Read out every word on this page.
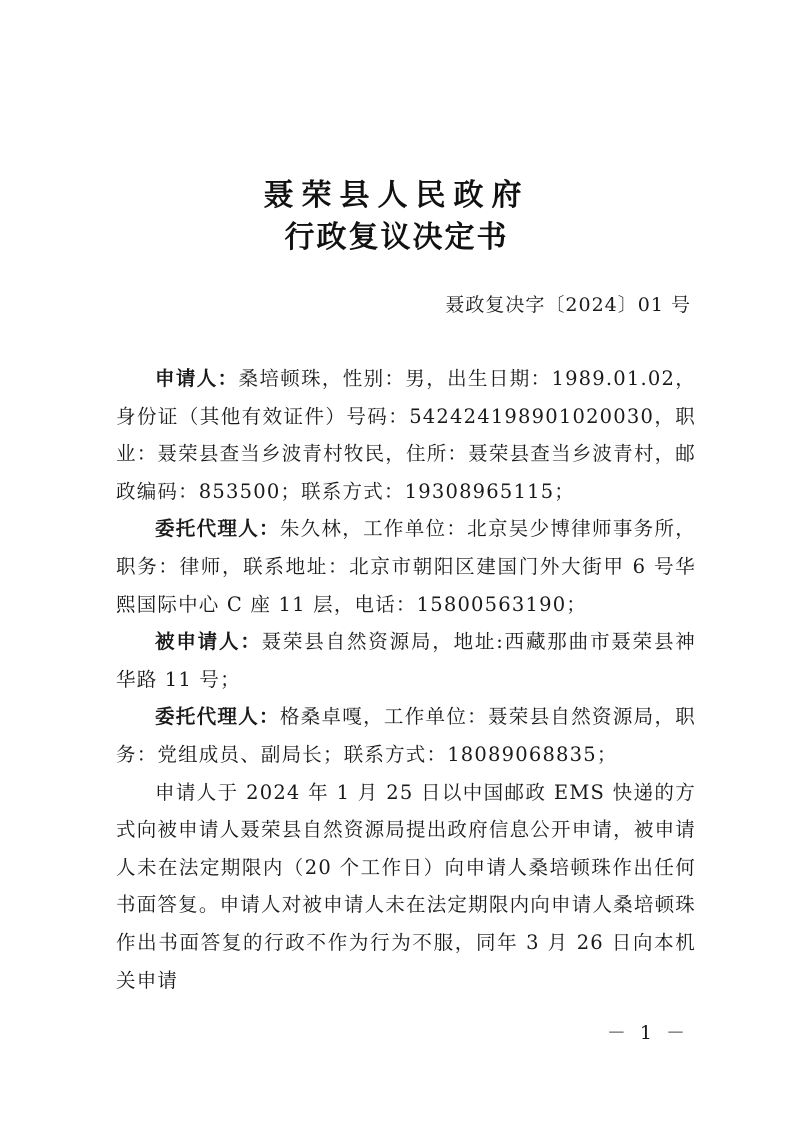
聂荣县人民政府
行政复议决定书
聂政复决字〔2024〕01 号

申请人：桑培顿珠，性别：男，出生日期：1989.01.02，身份证（其他有效证件）号码：542424198901020030，职业：聂荣县查当乡波青村牧民，住所：聂荣县查当乡波青村，邮政编码：853500；联系方式：19308965115；

委托代理人：朱久林，工作单位：北京吴少博律师事务所，职务：律师，联系地址：北京市朝阳区建国门外大街甲 6 号华熙国际中心 C 座 11 层，电话：15800563190；

被申请人：聂荣县自然资源局，地址:西藏那曲市聂荣县神华路 11 号；

委托代理人：格桑卓嘎，工作单位：聂荣县自然资源局，职务：党组成员、副局长；联系方式：18089068835；

申请人于 2024 年 1 月 25 日以中国邮政 EMS 快递的方式向被申请人聂荣县自然资源局提出政府信息公开申请，被申请人未在法定期限内（20 个工作日）向申请人桑培顿珠作出任何书面答复。申请人对被申请人未在法定期限内向申请人桑培顿珠作出书面答复的行政不作为行为不服，同年 3 月 26 日向本机关申请

－ 1 －
